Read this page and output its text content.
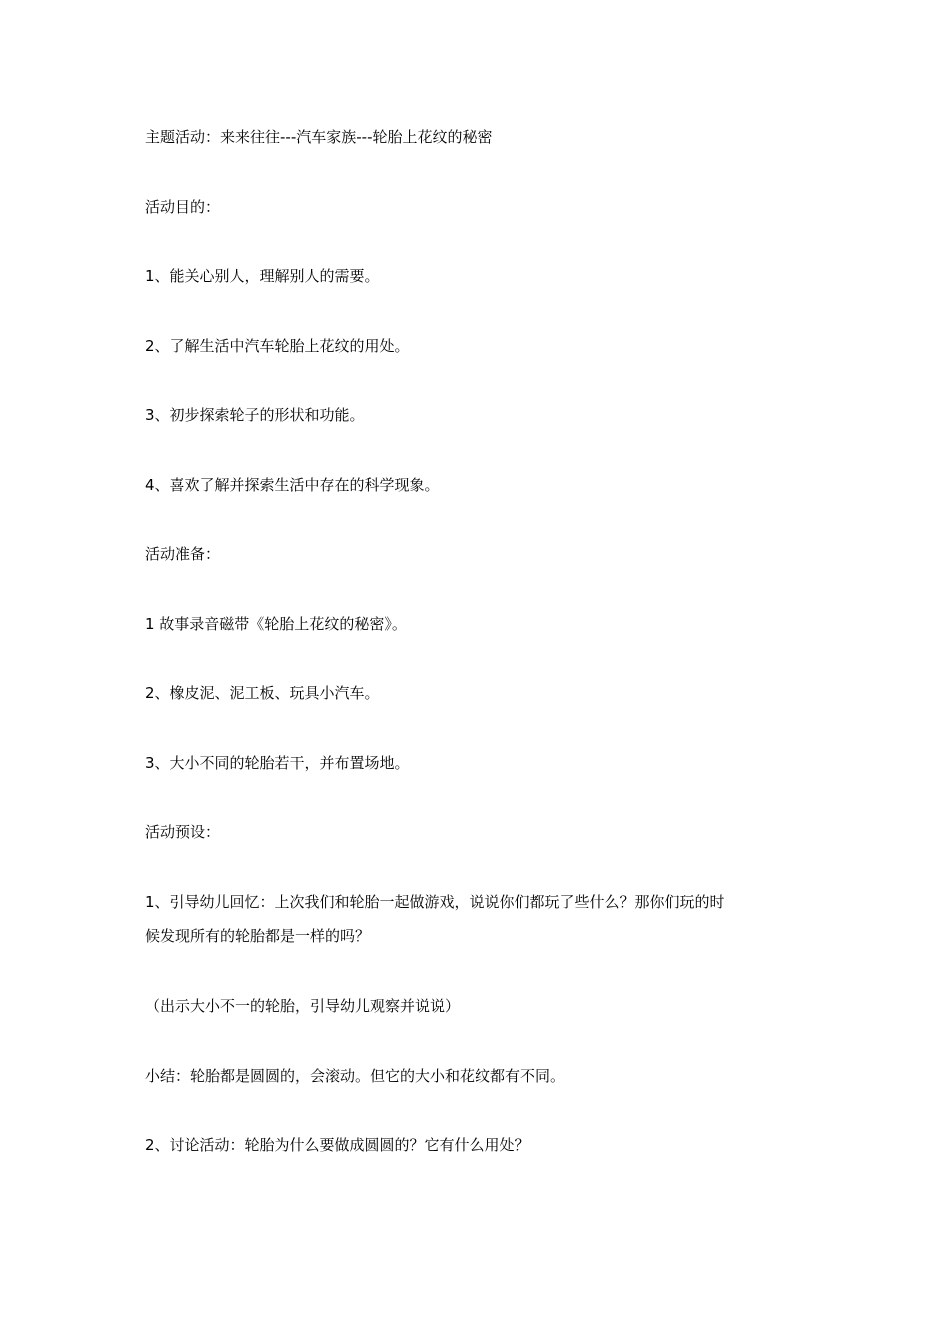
主题活动：来来往往---汽车家族---轮胎上花纹的秘密
活动目的：
1、能关心别人，理解别人的需要。
2、了解生活中汽车轮胎上花纹的用处。
3、初步探索轮子的形状和功能。
4、喜欢了解并探索生活中存在的科学现象。
活动准备：
1 故事录音磁带《轮胎上花纹的秘密》。
2、橡皮泥、泥工板、玩具小汽车。
3、大小不同的轮胎若干，并布置场地。
活动预设：
1、引导幼儿回忆：上次我们和轮胎一起做游戏，说说你们都玩了些什么？那你们玩的时
候发现所有的轮胎都是一样的吗？
（出示大小不一的轮胎，引导幼儿观察并说说）
小结：轮胎都是圆圆的，会滚动。但它的大小和花纹都有不同。
2、讨论活动：轮胎为什么要做成圆圆的？它有什么用处？
